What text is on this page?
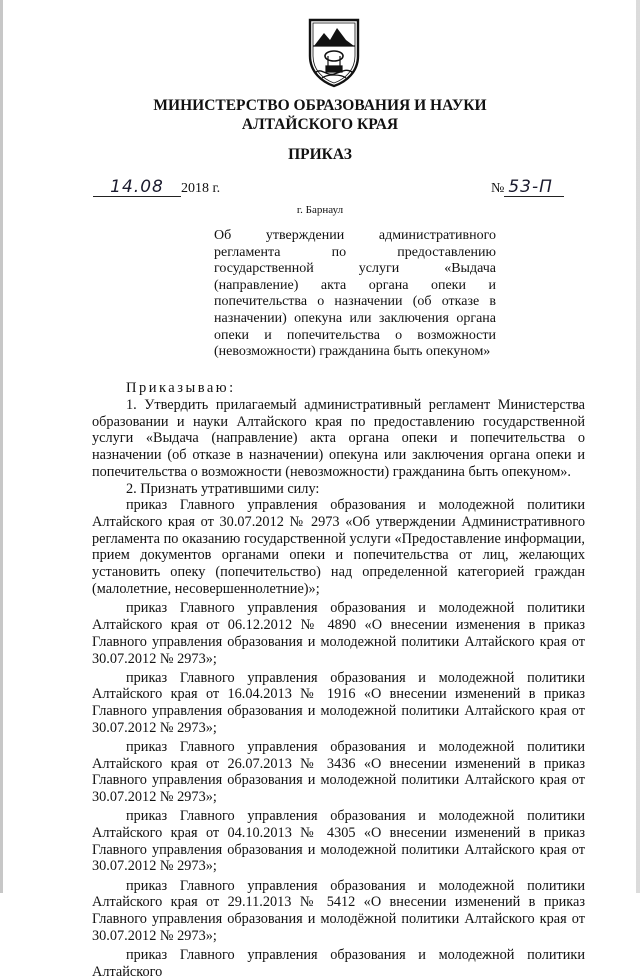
МИНИСТЕРСТВО ОБРАЗОВАНИЯ И НАУКИ
АЛТАЙСКОГО КРАЯ
ПРИКАЗ
14.08 2018 г.	№ 53-П

г. Барнаул

Об утверждении административного регламента по предоставлению государственной услуги «Выдача (направление) акта органа опеки и попечительства о назначении (об отказе в назначении) опекуна или заключения органа опеки и попечительства о возможности (невозможности) гражданина быть опекуном»

Приказываю:

1. Утвердить прилагаемый административный регламент Министерства образовании и науки Алтайского края по предоставлению государственной услуги «Выдача (направление) акта органа опеки и попечительства о назначении (об отказе в назначении) опекуна или заключения органа опеки и попечительства о возможности (невозможности) гражданина быть опекуном».

2. Признать утратившими силу:

приказ Главного управления образования и молодежной политики Алтайского края от 30.07.2012 № 2973 «Об утверждении Административного регламента по оказанию государственной услуги «Предоставление информации, прием документов органами опеки и попечительства от лиц, желающих установить опеку (попечительство) над определенной категорией граждан (малолетние, несовершеннолетние)»;

приказ Главного управления образования и молодежной политики Алтайского края от 06.12.2012 № 4890 «О внесении изменения в приказ Главного управления образования и молодежной политики Алтайского края от 30.07.2012 № 2973»;

приказ Главного управления образования и молодежной политики Алтайского края от 16.04.2013 № 1916 «О внесении изменений в приказ Главного управления образования и молодежной политики Алтайского края от 30.07.2012 № 2973»;

приказ Главного управления образования и молодежной политики Алтайского края от 26.07.2013 № 3436 «О внесении изменений в приказ Главного управления образования и молодежной политики Алтайского края от 30.07.2012 № 2973»;

приказ Главного управления образования и молодежной политики Алтайского края от 04.10.2013 № 4305 «О внесении изменений в приказ Главного управления образования и молодежной политики Алтайского края от 30.07.2012 № 2973»;

приказ Главного управления образования и молодежной политики Алтайского края от 29.11.2013 № 5412 «О внесении изменений в приказ Главного управления образования и молодёжной политики Алтайского края от 30.07.2012 № 2973»;

приказ Главного управления образования и молодежной политики Алтайского
